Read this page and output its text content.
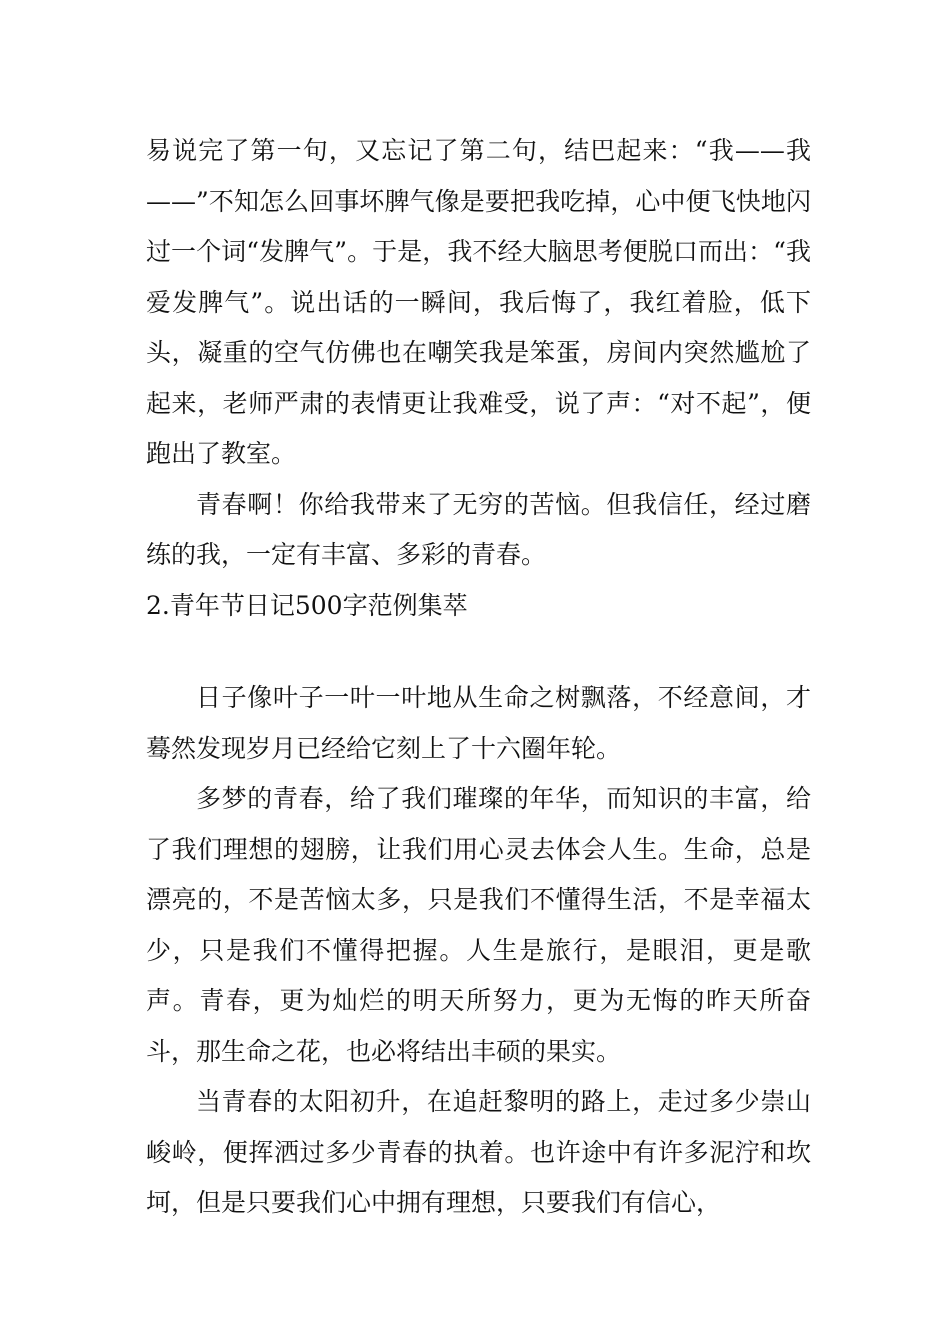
易说完了第一句，又忘记了第二句，结巴起来：“我——我——”不知怎么回事坏脾气像是要把我吃掉，心中便飞快地闪过一个词“发脾气”。于是，我不经大脑思考便脱口而出：“我爱发脾气”。说出话的一瞬间，我后悔了，我红着脸，低下头，凝重的空气仿佛也在嘲笑我是笨蛋，房间内突然尴尬了起来，老师严肃的表情更让我难受，说了声：“对不起”，便跑出了教室。

青春啊！你给我带来了无穷的苦恼。但我信任，经过磨练的我，一定有丰富、多彩的青春。

2.青年节日记500字范例集萃

日子像叶子一叶一叶地从生命之树飘落，不经意间，才蓦然发现岁月已经给它刻上了十六圈年轮。

多梦的青春，给了我们璀璨的年华，而知识的丰富，给了我们理想的翅膀，让我们用心灵去体会人生。生命，总是漂亮的，不是苦恼太多，只是我们不懂得生活，不是幸福太少，只是我们不懂得把握。人生是旅行，是眼泪，更是歌声。青春，更为灿烂的明天所努力，更为无悔的昨天所奋斗，那生命之花，也必将结出丰硕的果实。

当青春的太阳初升，在追赶黎明的路上，走过多少崇山峻岭，便挥洒过多少青春的执着。也许途中有许多泥泞和坎坷，但是只要我们心中拥有理想，只要我们有信心，
